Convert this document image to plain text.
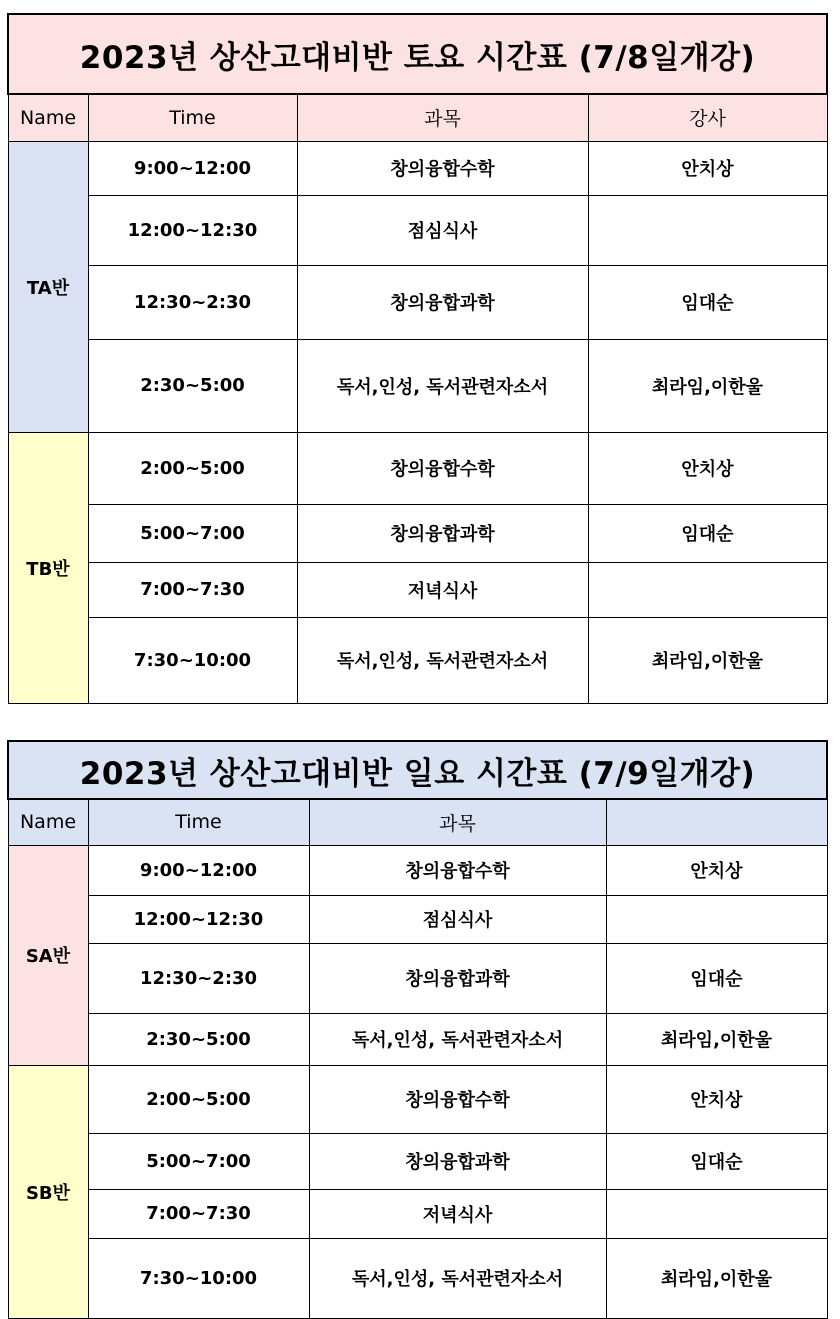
2023년 상산고대비반 토요 시간표 (7/8일개강)			
Name	Time	과목	강사
TA반	9:00~12:00	창의융합수학	안치상
	12:00~12:30	점심식사	
	12:30~2:30	창의융합과학	임대순
	2:30~5:00	독서,인성, 독서관련자소서	최라임,이한울
TB반	2:00~5:00	창의융합수학	안치상
	5:00~7:00	창의융합과학	임대순
	7:00~7:30	저녁식사	
	7:30~10:00	독서,인성, 독서관련자소서	최라임,이한울
2023년 상산고대비반 일요 시간표 (7/9일개강)			
Name	Time	과목	
SA반	9:00~12:00	창의융합수학	안치상
	12:00~12:30	점심식사	
	12:30~2:30	창의융합과학	임대순
	2:30~5:00	독서,인성, 독서관련자소서	최라임,이한울
SB반	2:00~5:00	창의융합수학	안치상
	5:00~7:00	창의융합과학	임대순
	7:00~7:30	저녁식사	
	7:30~10:00	독서,인성, 독서관련자소서	최라임,이한울
